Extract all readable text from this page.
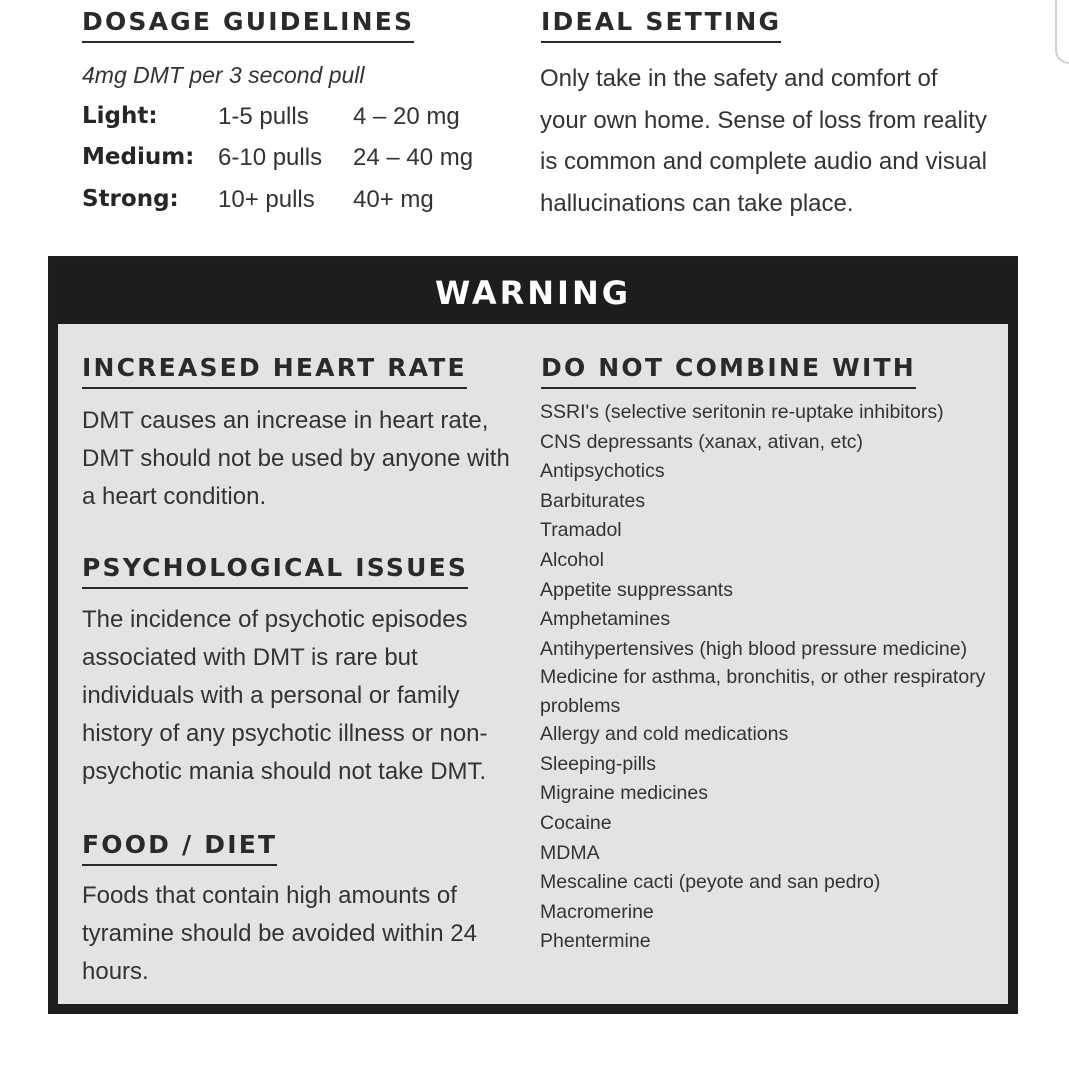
DOSAGE GUIDELINES

4mg DMT per 3 second pull

Light:	1-5 pulls 4 – 20 mg
Medium: 6-10 pulls 24 – 40 mg
Strong: 10+ pulls 40+ mg
IDEAL SETTING

Only take in the safety and comfort of your own home. Sense of loss from reality is common and complete audio and visual hallucinations can take place.

WARNING
INCREASED HEART RATE

DMT causes an increase in heart rate, DMT should not be used by anyone with a heart condition.

PSYCHOLOGICAL ISSUES

The incidence of psychotic episodes associated with DMT is rare but individuals with a personal or family history of any psychotic illness or non-psychotic mania should not take DMT.

FOOD / DIET

Foods that contain high amounts of tyramine should be avoided within 24 hours.

DO NOT COMBINE WITH
SSRI's (selective seritonin re-uptake inhibitors)
CNS depressants (xanax, ativan, etc)
Antipsychotics
Barbiturates
Tramadol
Alcohol
Appetite suppressants
Amphetamines
Antihypertensives (high blood pressure medicine)
Medicine for asthma, bronchitis, or other respiratory problems
Allergy and cold medications
Sleeping-pills
Migraine medicines
Cocaine
MDMA
Mescaline cacti (peyote and san pedro)
Macromerine
Phentermine
